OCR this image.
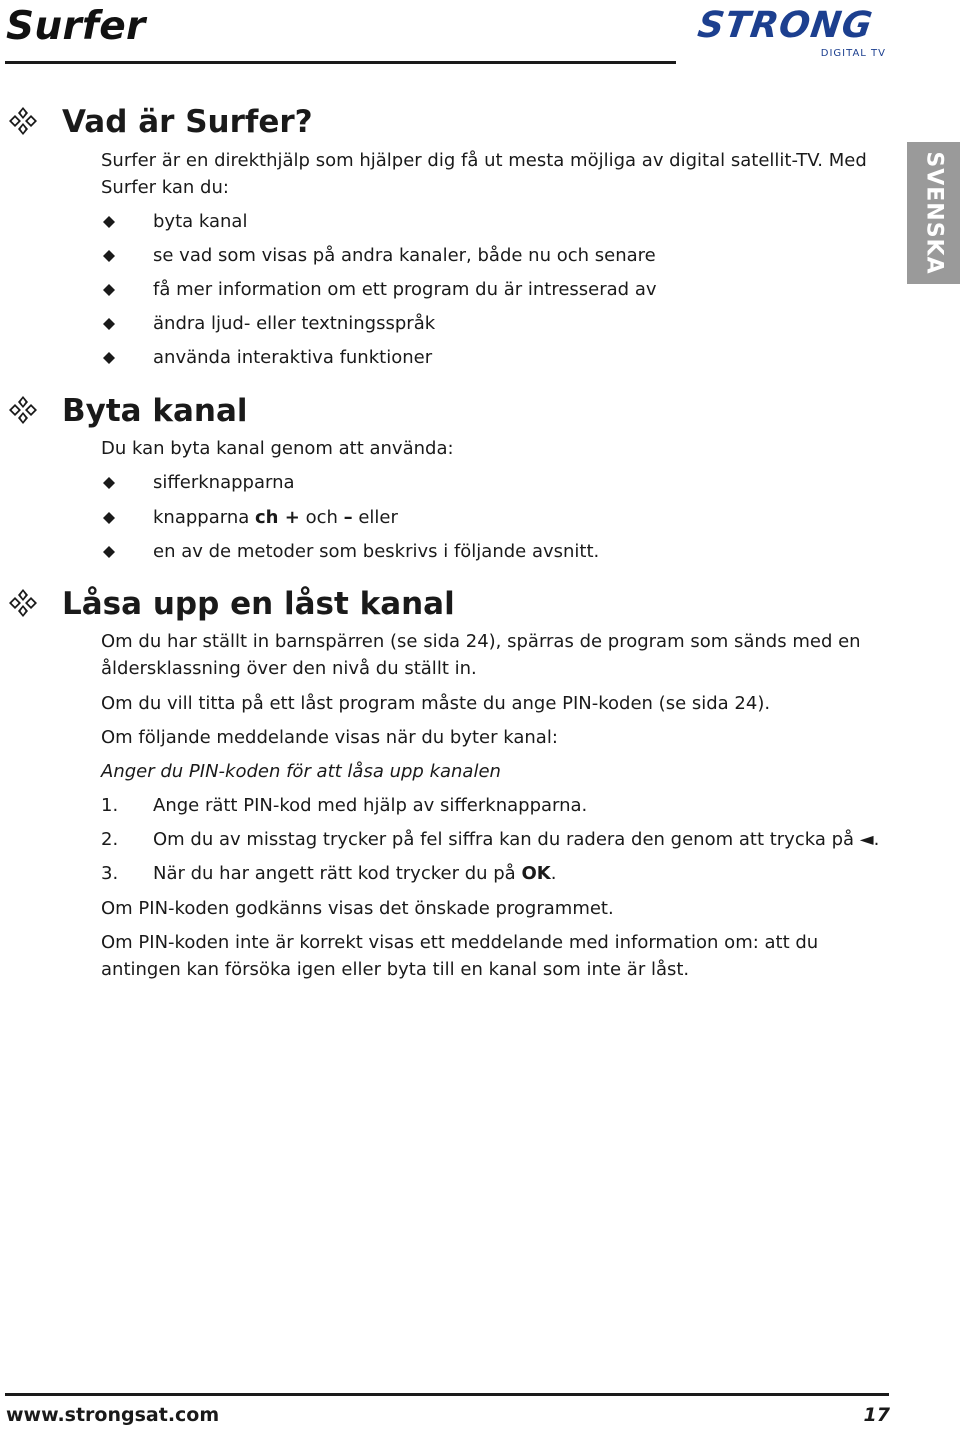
Surfer	STRONG
DIGITAL TV
SVENSKA
Vad är Surfer?
Surfer är en direkthjälp som hjälper dig få ut mesta möjliga av digital satellit-TV. Med Surfer kan du:
byta kanal
se vad som visas på andra kanaler, både nu och senare
få mer information om ett program du är intresserad av
ändra ljud- eller textningsspråk
använda interaktiva funktioner
Byta kanal
Du kan byta kanal genom att använda:
sifferknapparna
knapparna ch + och – eller
en av de metoder som beskrivs i följande avsnitt.
Låsa upp en låst kanal
Om du har ställt in barnspärren (se sida 24), spärras de program som sänds med en åldersklassning över den nivå du ställt in.
Om du vill titta på ett låst program måste du ange PIN-koden (se sida 24).
Om följande meddelande visas när du byter kanal:
Anger du PIN-koden för att låsa upp kanalen
1. Ange rätt PIN-kod med hjälp av sifferknapparna.
2. Om du av misstag trycker på fel siffra kan du radera den genom att trycka på ◄.
3. När du har angett rätt kod trycker du på OK.
Om PIN-koden godkänns visas det önskade programmet.
Om PIN-koden inte är korrekt visas ett meddelande med information om: att du antingen kan försöka igen eller byta till en kanal som inte är låst.
www.strongsat.com	17
